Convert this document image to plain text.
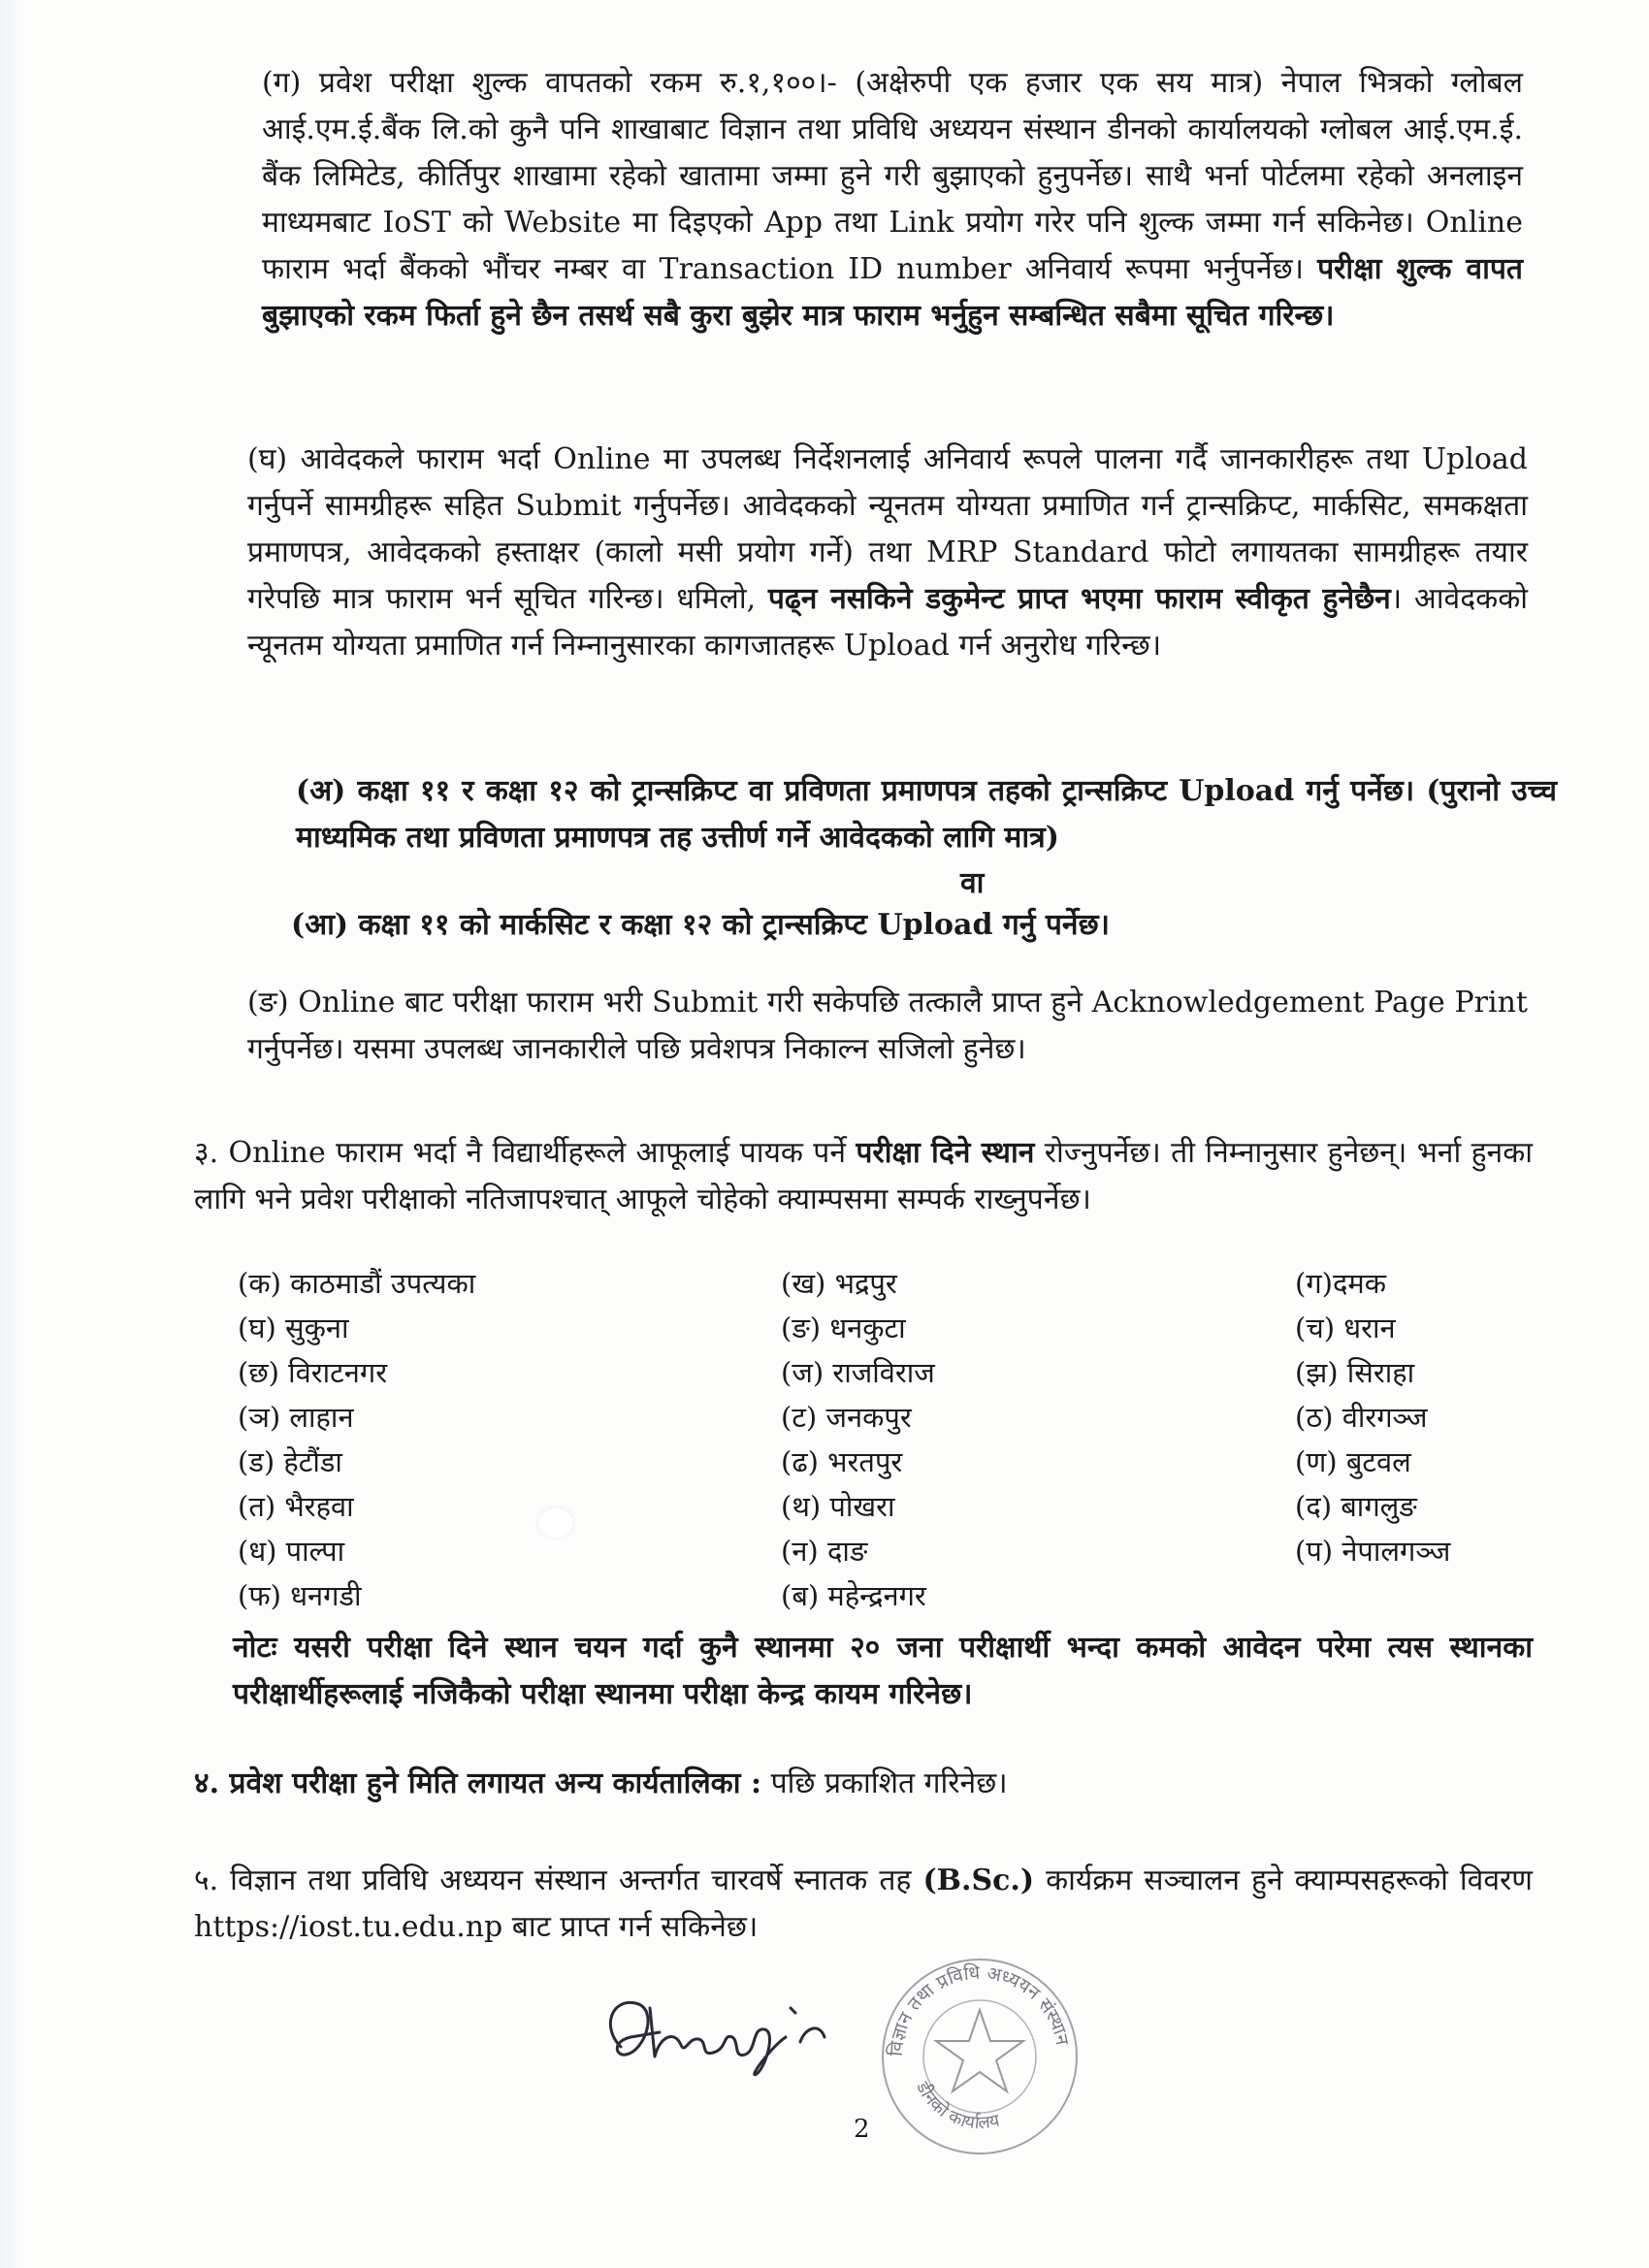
(ग) प्रवेश परीक्षा शुल्क वापतको रकम रु.१,१००।- (अक्षेरुपी एक हजार एक सय मात्र) नेपाल भित्रको ग्लोबल आई.एम.ई.बैंक लि.को कुनै पनि शाखाबाट विज्ञान तथा प्रविधि अध्ययन संस्थान डीनको कार्यालयको ग्लोबल आई.एम.ई. बैंक लिमिटेड, कीर्तिपुर शाखामा रहेको खातामा जम्मा हुने गरी बुझाएको हुनुपर्नेछ। साथै भर्ना पोर्टलमा रहेको अनलाइन माध्यमबाट IoST को Website मा दिइएको App तथा Link प्रयोग गरेर पनि शुल्क जम्मा गर्न सकिनेछ। Online फाराम भर्दा बैंकको भौंचर नम्बर वा Transaction ID number अनिवार्य रूपमा भर्नुपर्नेछ। परीक्षा शुल्क वापत बुझाएको रकम फिर्ता हुने छैन तसर्थ सबै कुरा बुझेर मात्र फाराम भर्नुहुन सम्बन्धित सबैमा सूचित गरिन्छ।

(घ) आवेदकले फाराम भर्दा Online मा उपलब्ध निर्देशनलाई अनिवार्य रूपले पालना गर्दै जानकारीहरू तथा Upload गर्नुपर्ने सामग्रीहरू सहित Submit गर्नुपर्नेछ। आवेदकको न्यूनतम योग्यता प्रमाणित गर्न ट्रान्सक्रिप्ट, मार्कसिट, समकक्षता प्रमाणपत्र, आवेदकको हस्ताक्षर (कालो मसी प्रयोग गर्ने) तथा MRP Standard फोटो लगायतका सामग्रीहरू तयार गरेपछि मात्र फाराम भर्न सूचित गरिन्छ। धमिलो, पढ्न नसकिने डकुमेन्ट प्राप्त भएमा फाराम स्वीकृत हुनेछैन। आवेदकको न्यूनतम योग्यता प्रमाणित गर्न निम्नानुसारका कागजातहरू Upload गर्न अनुरोध गरिन्छ।

(अ) कक्षा ११ र कक्षा १२ को ट्रान्सक्रिप्ट वा प्रविणता प्रमाणपत्र तहको ट्रान्सक्रिप्ट Upload गर्नु पर्नेछ। (पुरानो उच्च माध्यमिक तथा प्रविणता प्रमाणपत्र तह उत्तीर्ण गर्ने आवेदकको लागि मात्र)

वा

(आ) कक्षा ११ को मार्कसिट र कक्षा १२ को ट्रान्सक्रिप्ट Upload गर्नु पर्नेछ।

(ङ) Online बाट परीक्षा फाराम भरी Submit गरी सकेपछि तत्कालै प्राप्त हुने Acknowledgement Page Print गर्नुपर्नेछ। यसमा उपलब्ध जानकारीले पछि प्रवेशपत्र निकाल्न सजिलो हुनेछ।

३. Online फाराम भर्दा नै विद्यार्थीहरूले आफूलाई पायक पर्ने परीक्षा दिने स्थान रोज्नुपर्नेछ। ती निम्नानुसार हुनेछन्। भर्ना हुनका लागि भने प्रवेश परीक्षाको नतिजापश्चात् आफूले चोहेको क्याम्पसमा सम्पर्क राख्नुपर्नेछ।

(क) काठमाडौं उपत्यका
(घ) सुकुना
(छ) विराटनगर
(ञ) लाहान
(ड) हेटौंडा
(त) भैरहवा
(ध) पाल्पा
(फ) धनगडी
(ख) भद्रपुर
(ङ) धनकुटा
(ज) राजविराज
(ट) जनकपुर
(ढ) भरतपुर
(थ) पोखरा
(न) दाङ
(ब) महेन्द्रनगर
(ग)दमक
(च) धरान
(झ) सिराहा
(ठ) वीरगञ्ज
(ण) बुटवल
(द) बागलुङ
(प) नेपालगञ्ज

नोटः यसरी परीक्षा दिने स्थान चयन गर्दा कुनै स्थानमा २० जना परीक्षार्थी भन्दा कमको आवेदन परेमा त्यस स्थानका परीक्षार्थीहरूलाई नजिकैको परीक्षा स्थानमा परीक्षा केन्द्र कायम गरिनेछ।

४. प्रवेश परीक्षा हुने मिति लगायत अन्य कार्यतालिका : पछि प्रकाशित गरिनेछ।

५. विज्ञान तथा प्रविधि अध्ययन संस्थान अन्तर्गत चारवर्षे स्नातक तह (B.Sc.) कार्यक्रम सञ्चालन हुने क्याम्पसहरूको विवरण https://iost.tu.edu.np बाट प्राप्त गर्न सकिनेछ।

विज्ञान तथा प्रविधि अध्ययन संस्थान
डीनको कार्यालय
2
